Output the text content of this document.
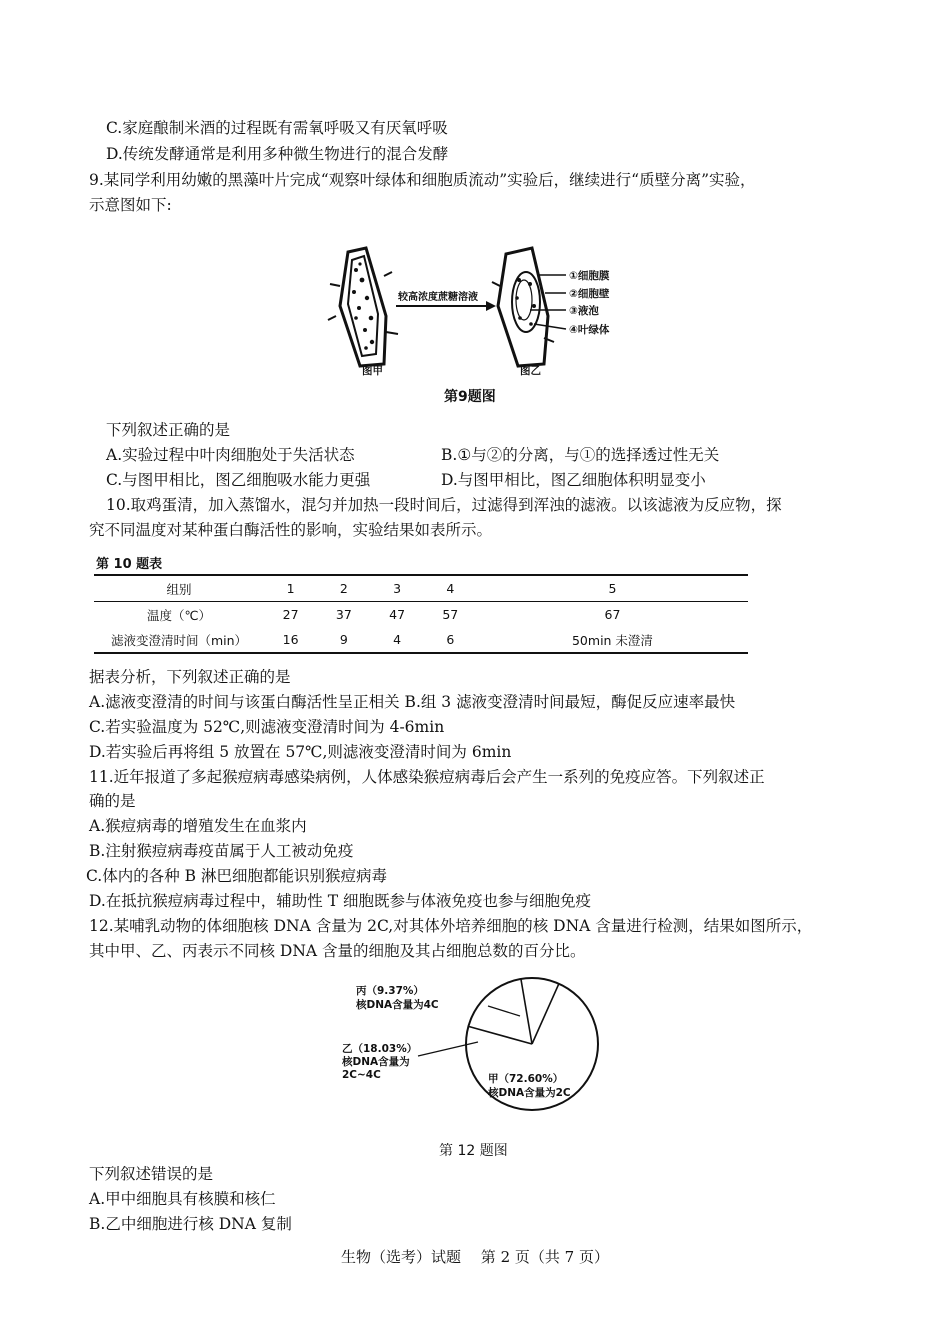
C.家庭酿制米酒的过程既有需氧呼吸又有厌氧呼吸
D.传统发酵通常是利用多种微生物进行的混合发酵
9.某同学利用幼嫩的黑藻叶片完成“观察叶绿体和细胞质流动”实验后，继续进行“质壁分离”实验，
示意图如下:
较高浓度蔗糖溶液
①细胞膜
②细胞壁
③液泡
④叶绿体
图甲	图乙
第9题图
下列叙述正确的是
A.实验过程中叶肉细胞处于失活状态	B.①与②的分离，与①的选择透过性无关
C.与图甲相比，图乙细胞吸水能力更强	D.与图甲相比，图乙细胞体积明显变小
10.取鸡蛋清，加入蒸馏水，混匀并加热一段时间后，过滤得到浑浊的滤液。以该滤液为反应物，探
究不同温度对某种蛋白酶活性的影响，实验结果如表所示。
第 10 题表
组别	1	2	3	4	5
温度（℃）	27	37	47	57	67
滤液变澄清时间（min）	16	9	4	6	50min 未澄清
据表分析，下列叙述正确的是
A.滤液变澄清的时间与该蛋白酶活性呈正相关 B.组 3 滤液变澄清时间最短，酶促反应速率最快
C.若实验温度为 52℃,则滤液变澄清时间为 4-6min
D.若实验后再将组 5 放置在 57℃,则滤液变澄清时间为 6min
11.近年报道了多起猴痘病毒感染病例，人体感染猴痘病毒后会产生一系列的免疫应答。下列叙述正
确的是
A.猴痘病毒的增殖发生在血浆内
B.注射猴痘病毒疫苗属于人工被动免疫
C.体内的各种 B 淋巴细胞都能识别猴痘病毒
D.在抵抗猴痘病毒过程中，辅助性 T 细胞既参与体液免疫也参与细胞免疫
12.某哺乳动物的体细胞核 DNA 含量为 2C,对其体外培养细胞的核 DNA 含量进行检测，结果如图所示，
其中甲、乙、丙表示不同核 DNA 含量的细胞及其占细胞总数的百分比。
丙（9.37%）
核DNA含量为4C
乙（18.03%）
核DNA含量为
2C~4C	甲（72.60%）
核DNA含量为2C
第 12 题图
下列叙述错误的是
A.甲中细胞具有核膜和核仁
B.乙中细胞进行核 DNA 复制
生物（选考）试题　 第 2 页（共 7 页）
